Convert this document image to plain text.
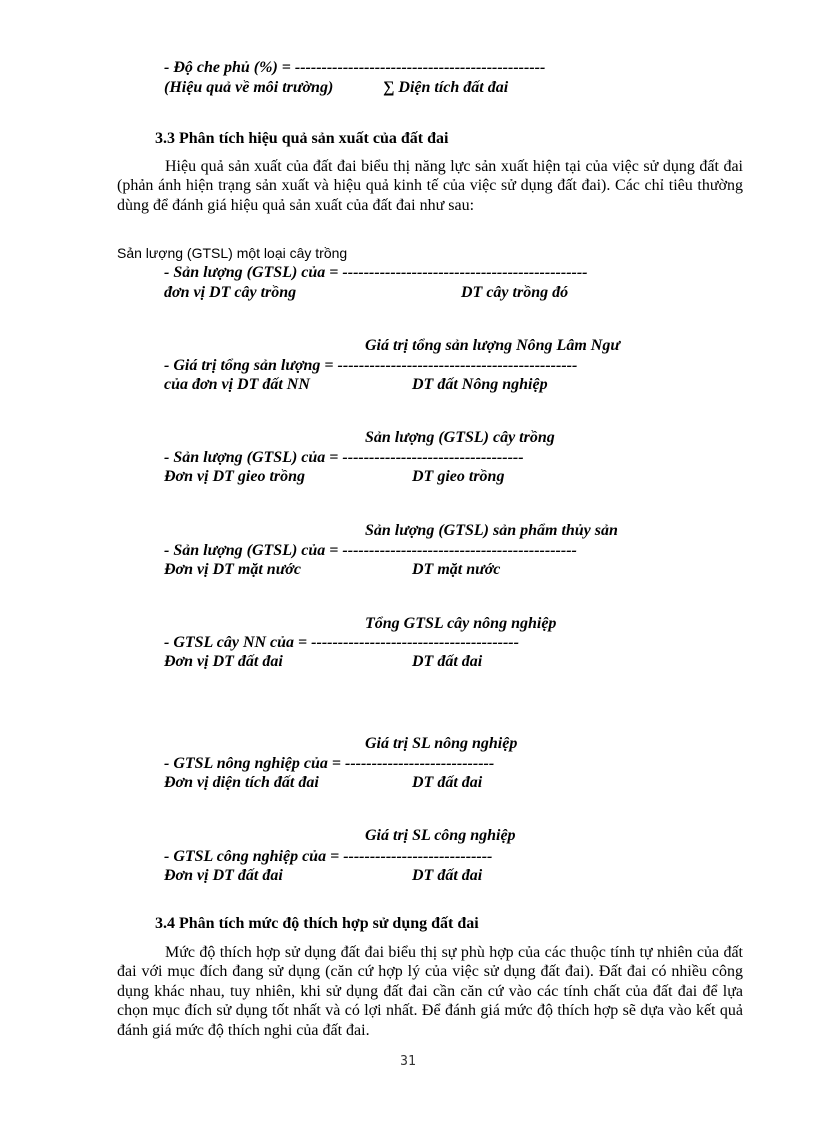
- Độ che phủ (%) = -----------------------------------------------
(Hiệu quả về môi trường)	∑ Diện tích đất đai
3.3 Phân tích hiệu quả sản xuất của đất đai
Hiệu quả sản xuất của đất đai biểu thị năng lực sản xuất hiện tại của việc sử dụng đất đai (phản ánh hiện trạng sản xuất và hiệu quả kinh tế của việc sử dụng đất đai). Các chỉ tiêu thường dùng để đánh giá hiệu quả sản xuất của đất đai như sau:
Sản lượng (GTSL) một loại cây trồng
- Sản lượng (GTSL) của = ----------------------------------------------
đơn vị DT cây trồng	DT cây trồng đó
Giá trị tổng sản lượng Nông Lâm Ngư
- Giá trị tổng sản lượng = ---------------------------------------------
của đơn vị DT đất NN	DT đất Nông nghiệp
Sản lượng (GTSL) cây trồng
- Sản lượng (GTSL) của = ----------------------------------
Đơn vị DT gieo trồng	DT gieo trồng
Sản lượng (GTSL) sản phẩm thủy sản
- Sản lượng (GTSL) của = --------------------------------------------
Đơn vị DT mặt nước	DT mặt nước
Tổng GTSL cây nông nghiệp
- GTSL cây NN của = ---------------------------------------
Đơn vị DT đất đai	DT đất đai
Giá trị SL nông nghiệp
- GTSL nông nghiệp của = ----------------------------
Đơn vị diện tích đất đai	DT đất đai
Giá trị SL công nghiệp
- GTSL công nghiệp của = ----------------------------
Đơn vị DT đất đai	DT đất đai
3.4 Phân tích mức độ thích hợp sử dụng đất đai
Mức độ thích hợp sử dụng đất đai biểu thị sự phù hợp của các thuộc tính tự nhiên của đất đai với mục đích đang sử dụng (căn cứ hợp lý của việc sử dụng đất đai). Đất đai có nhiều công dụng khác nhau, tuy nhiên, khi sử dụng đất đai cần căn cứ vào các tính chất của đất đai để lựa chọn mục đích sử dụng tốt nhất và có lợi nhất. Để đánh giá mức độ thích hợp sẽ dựa vào kết quả đánh giá mức độ thích nghi của đất đai.
31
